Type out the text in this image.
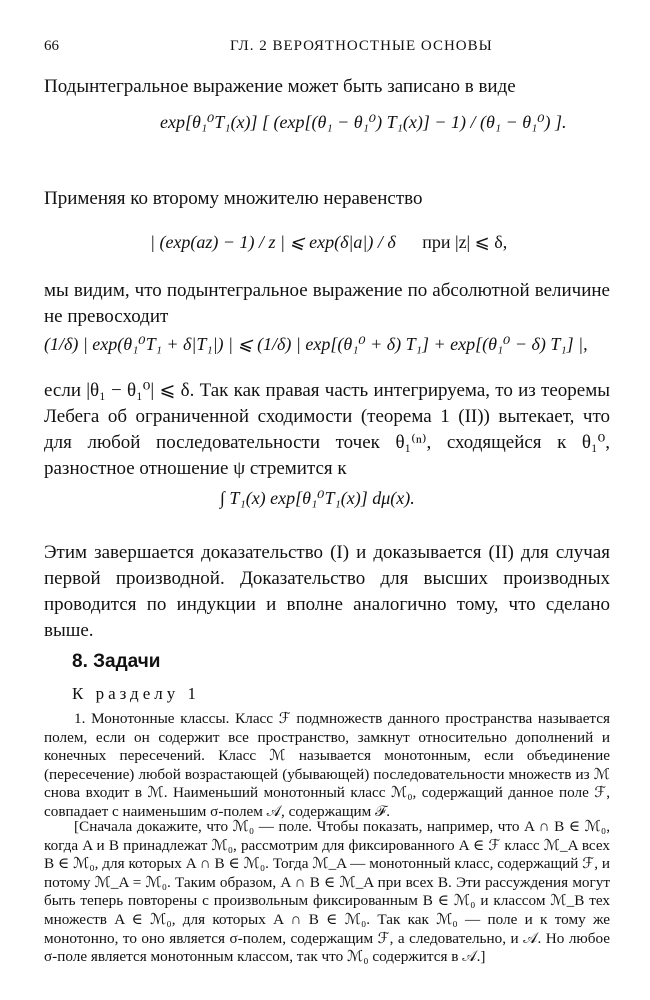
66	ГЛ. 2 ВЕРОЯТНОСТНЫЕ ОСНОВЫ

Подынтегральное выражение может быть записано в виде

exp[θ₁⁰T₁(x)] [ (exp[(θ₁ − θ₁⁰) T₁(x)] − 1) / (θ₁ − θ₁⁰) ].

Применяя ко второму множителю неравенство

| (exp(az) − 1) / z | ⩽ exp(δ|a|) / δ при |z| ⩽ δ,

мы видим, что подынтегральное выражение по абсолютной величине не превосходит

(1/δ) | exp(θ₁⁰T₁ + δ|T₁|) | ⩽ (1/δ) | exp[(θ₁⁰ + δ) T₁] + exp[(θ₁⁰ − δ) T₁] |,

если |θ₁ − θ₁⁰| ⩽ δ. Так как правая часть интегрируема, то из теоремы Лебега об ограниченной сходимости (теорема 1 (II)) вытекает, что для любой последовательности точек θ₁⁽ⁿ⁾, сходящейся к θ₁⁰, разностное отношение ψ стремится к

∫ T₁(x) exp[θ₁⁰T₁(x)] dμ(x).

Этим завершается доказательство (I) и доказывается (II) для случая первой производной. Доказательство для высших производных проводится по индукции и вполне аналогично тому, что сделано выше.

8. Задачи
К разделу 1

1. Монотонные классы. Класс ℱ подмножеств данного пространства называется полем, если он содержит все пространство, замкнут относительно дополнений и конечных пересечений. Класс ℳ называется монотонным, если объединение (пересечение) любой возрастающей (убывающей) последовательности множеств из ℳ снова входит в ℳ. Наименьший монотонный класс ℳ₀, содержащий данное поле ℱ, совпадает с наименьшим σ-полем 𝒜, содержащим ℱ.

[Сначала докажите, что ℳ₀ — поле. Чтобы показать, например, что A ∩ B ∈ ℳ₀, когда A и B принадлежат ℳ₀, рассмотрим для фиксированного A ∈ ℱ класс ℳ_A всех B ∈ ℳ₀, для которых A ∩ B ∈ ℳ₀. Тогда ℳ_A — монотонный класс, содержащий ℱ, и потому ℳ_A = ℳ₀. Таким образом, A ∩ B ∈ ℳ_A при всех B. Эти рассуждения могут быть теперь повторены с произвольным фиксированным B ∈ ℳ₀ и классом ℳ_B тех множеств A ∈ ℳ₀, для которых A ∩ B ∈ ℳ₀. Так как ℳ₀ — поле и к тому же монотонно, то оно является σ-полем, содержащим ℱ, а следовательно, и 𝒜. Но любое σ-поле является монотонным классом, так что ℳ₀ содержится в 𝒜.]
